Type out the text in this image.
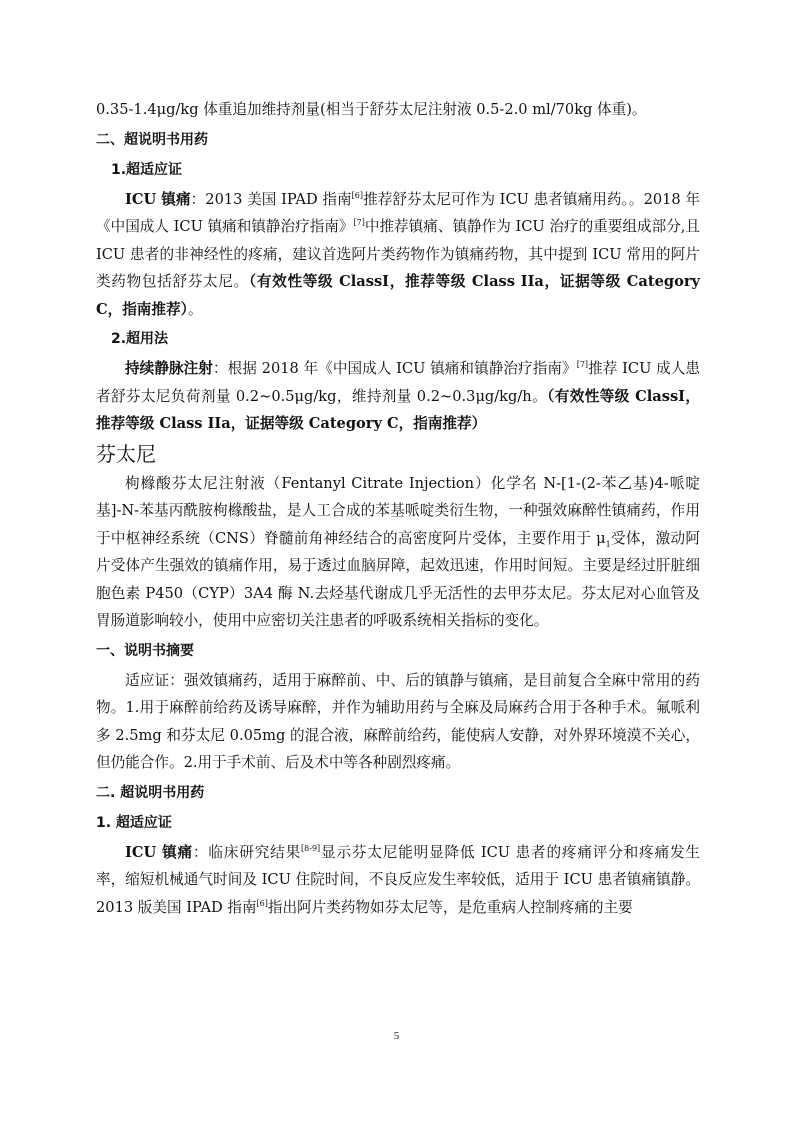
0.35-1.4μg/kg 体重追加维持剂量(相当于舒芬太尼注射液 0.5-2.0 ml/70kg 体重)。

二、超说明书用药

1.超适应证

ICU 镇痛：2013 美国 IPAD 指南[6]推荐舒芬太尼可作为 ICU 患者镇痛用药。。2018 年《中国成人 ICU 镇痛和镇静治疗指南》[7]中推荐镇痛、镇静作为 ICU 治疗的重要组成部分,且 ICU 患者的非神经性的疼痛，建议首选阿片类药物作为镇痛药物，其中提到 ICU 常用的阿片类药物包括舒芬太尼。（有效性等级 ClassI，推荐等级 Class IIa，证据等级 Category C，指南推荐）。

2.超用法

持续静脉注射：根据 2018 年《中国成人 ICU 镇痛和镇静治疗指南》[7]推荐 ICU 成人患者舒芬太尼负荷剂量 0.2~0.5μg/kg，维持剂量 0.2~0.3μg/kg/h。（有效性等级 ClassI，推荐等级 Class IIa，证据等级 Category C，指南推荐）

芬太尼

枸橼酸芬太尼注射液（Fentanyl Citrate Injection）化学名 N-[1-(2-苯乙基)4-哌啶基]-N-苯基丙酰胺枸橼酸盐，是人工合成的苯基哌啶类衍生物，一种强效麻醉性镇痛药，作用于中枢神经系统（CNS）脊髓前角神经结合的高密度阿片受体，主要作用于 $\mu_1$受体，激动阿片受体产生强效的镇痛作用，易于透过血脑屏障，起效迅速，作用时间短。主要是经过肝脏细胞色素 P450（CYP）3A4 酶 N.去烃基代谢成几乎无活性的去甲芬太尼。芬太尼对心血管及胃肠道影响较小，使用中应密切关注患者的呼吸系统相关指标的变化。

一、说明书摘要

适应证：强效镇痛药，适用于麻醉前、中、后的镇静与镇痛，是目前复合全麻中常用的药物。1.用于麻醉前给药及诱导麻醉，并作为辅助用药与全麻及局麻药合用于各种手术。氟哌利多 2.5mg 和芬太尼 0.05mg 的混合液，麻醉前给药，能使病人安静，对外界环境漠不关心，但仍能合作。2.用于手术前、后及术中等各种剧烈疼痛。

二. 超说明书用药

1. 超适应证

ICU 镇痛：临床研究结果[8-9]显示芬太尼能明显降低 ICU 患者的疼痛评分和疼痛发生率，缩短机械通气时间及 ICU 住院时间，不良反应发生率较低，适用于 ICU 患者镇痛镇静。2013 版美国 IPAD 指南[6]指出阿片类药物如芬太尼等，是危重病人控制疼痛的主要

5
